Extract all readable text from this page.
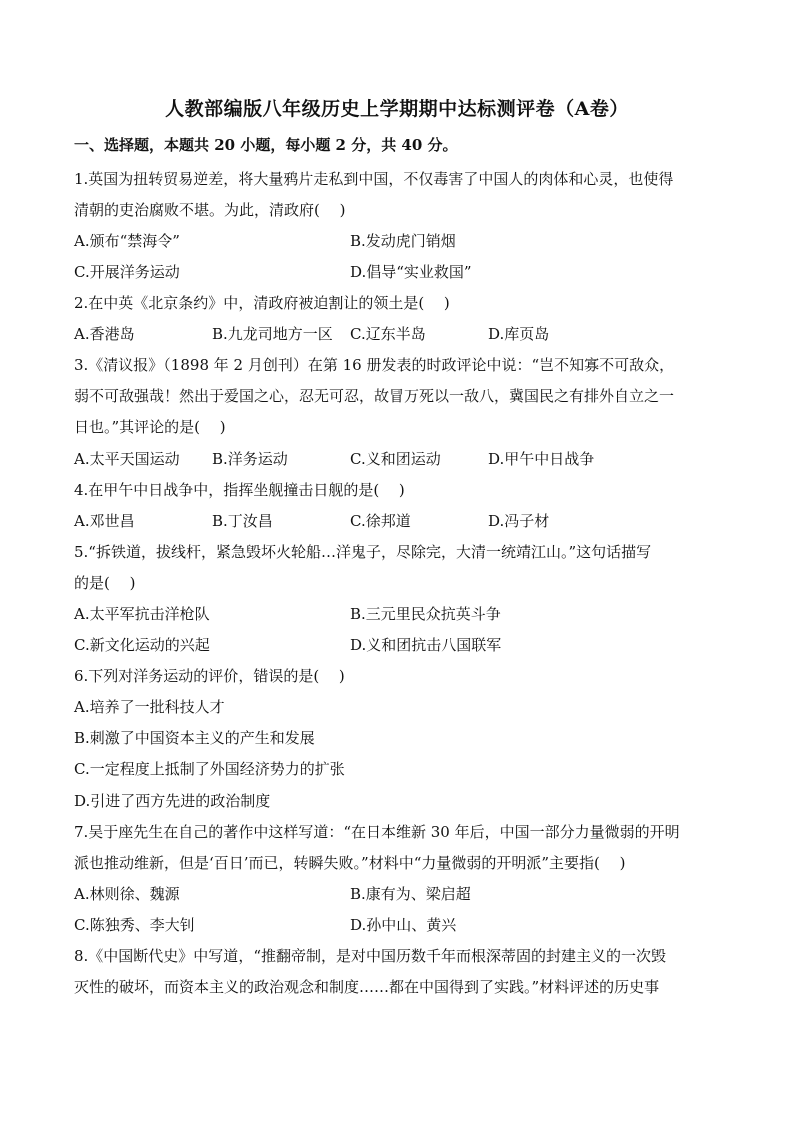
人教部编版八年级历史上学期期中达标测评卷（A卷）
一、选择题，本题共 20 小题，每小题 2 分，共 40 分。
1.英国为扭转贸易逆差，将大量鸦片走私到中国，不仅毒害了中国人的肉体和心灵，也使得
清朝的吏治腐败不堪。为此，清政府(　 )
A.颁布“禁海令”	B.发动虎门销烟
C.开展洋务运动	D.倡导“实业救国”
2.在中英《北京条约》中，清政府被迫割让的领土是(　 )
A.香港岛	B.九龙司地方一区 C.辽东半岛	D.库页岛
3.《清议报》（1898 年 2 月创刊）在第 16 册发表的时政评论中说：“岂不知寡不可敌众，
弱不可敌强哉！然出于爱国之心，忍无可忍，故冒万死以一敌八，冀国民之有排外自立之一
日也。”其评论的是(　 )
A.太平天国运动 B.洋务运动	C.义和团运动	D.甲午中日战争
4.在甲午中日战争中，指挥坐舰撞击日舰的是(　 )
A.邓世昌	B.丁汝昌	C.徐邦道	D.冯子材
5.“拆铁道，拔线杆，紧急毁坏火轮船…洋鬼子，尽除完，大清一统靖江山。”这句话描写
的是(　 )
A.太平军抗击洋枪队	B.三元里民众抗英斗争
C.新文化运动的兴起	D.义和团抗击八国联军
6.下列对洋务运动的评价，错误的是(　 )
A.培养了一批科技人才
B.刺激了中国资本主义的产生和发展
C.一定程度上抵制了外国经济势力的扩张
D.引进了西方先进的政治制度
7.吴于座先生在自己的著作中这样写道：“在日本维新 30 年后，中国一部分力量微弱的开明
派也推动维新，但是‘百日’而已，转瞬失败。”材料中“力量微弱的开明派”主要指(　 )
A.林则徐、魏源	B.康有为、梁启超
C.陈独秀、李大钊	D.孙中山、黄兴
8.《中国断代史》中写道，“推翻帝制，是对中国历数千年而根深蒂固的封建主义的一次毁
灭性的破坏，而资本主义的政治观念和制度……都在中国得到了实践。”材料评述的历史事
